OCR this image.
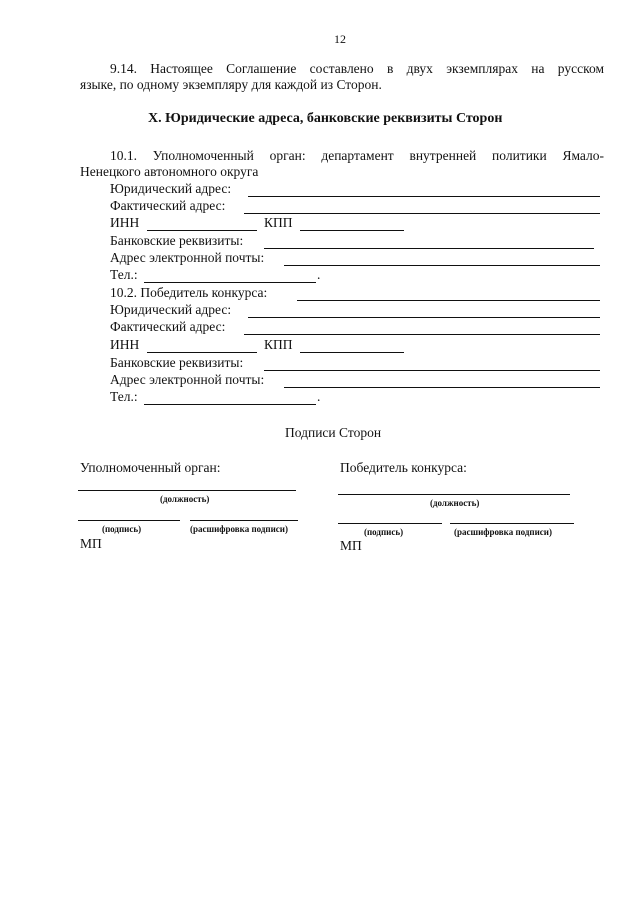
12
9.14. Настоящее Соглашение составлено в двух экземплярах на русском
языке, по одному экземпляру для каждой из Сторон.
X. Юридические адреса, банковские реквизиты Сторон
10.1. Уполномоченный орган: департамент внутренней политики Ямало-
Ненецкого автономного округа
Юридический адрес:
Фактический адрес:
ИНН	КПП
Банковские реквизиты:
Адрес электронной почты:
Тел.:	.
10.2. Победитель конкурса:
Юридический адрес:
Фактический адрес:
ИНН	КПП
Банковские реквизиты:
Адрес электронной почты:
Тел.:	.
Подписи Сторон
Уполномоченный орган:
(должность)
(подпись)	(расшифровка подписи)
МП
Победитель конкурса:
(должность)
(подпись)	(расшифровка подписи)
МП
